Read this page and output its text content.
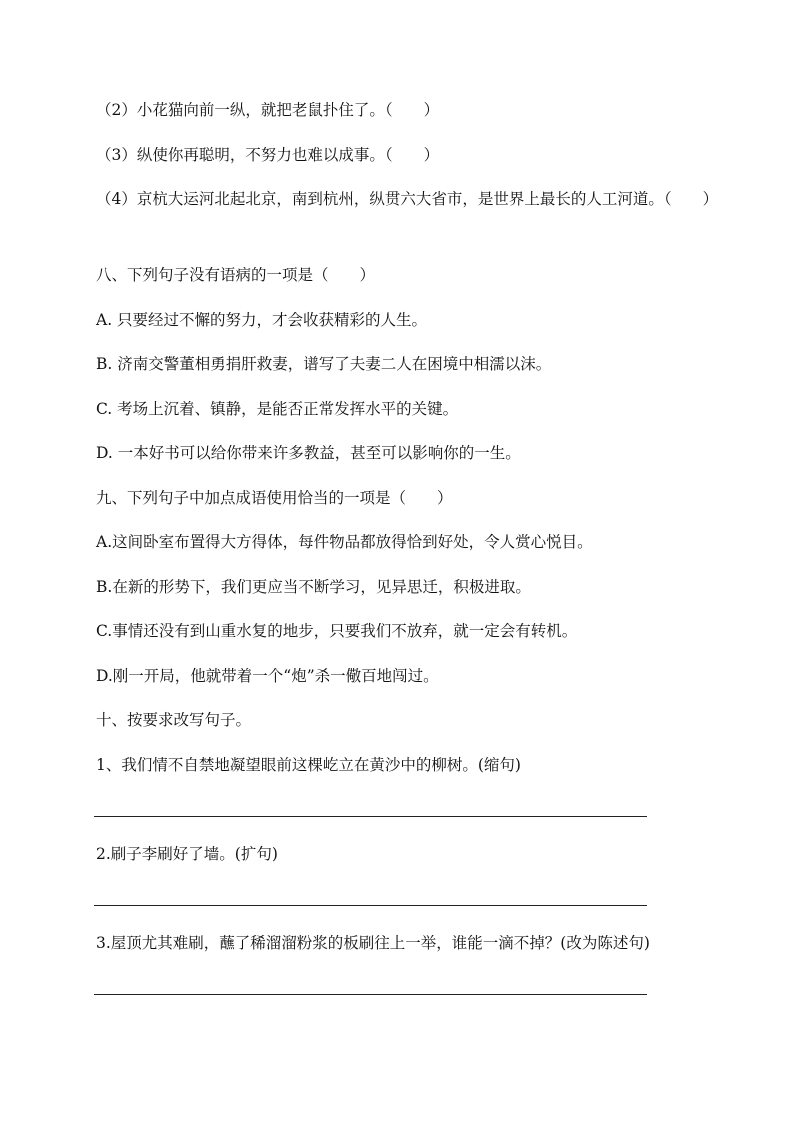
（2）小花猫向前一纵，就把老鼠扑住了。（　　）
（3）纵使你再聪明，不努力也难以成事。（　　）
（4）京杭大运河北起北京，南到杭州，纵贯六大省市，是世界上最长的人工河道。（　　）
八、下列句子没有语病的一项是（　　）
A. 只要经过不懈的努力，才会收获精彩的人生。
B. 济南交警董相勇捐肝救妻，谱写了夫妻二人在困境中相濡以沫。
C. 考场上沉着、镇静，是能否正常发挥水平的关键。
D. 一本好书可以给你带来许多教益，甚至可以影响你的一生。
九、下列句子中加点成语使用恰当的一项是（　　）
A.这间卧室布置得大方得体，每件物品都放得恰到好处，令人赏心悦目。
B.在新的形势下，我们更应当不断学习，见异思迁，积极进取。
C.事情还没有到山重水复的地步，只要我们不放弃，就一定会有转机。
D.刚一开局，他就带着一个“炮”杀一儆百地闯过。
十、按要求改写句子。
1、我们情不自禁地凝望眼前这棵屹立在黄沙中的柳树。(缩句)
2.刷子李刷好了墙。(扩句)
3.屋顶尤其难刷，蘸了稀溜溜粉浆的板刷往上一举，谁能一滴不掉？(改为陈述句)
